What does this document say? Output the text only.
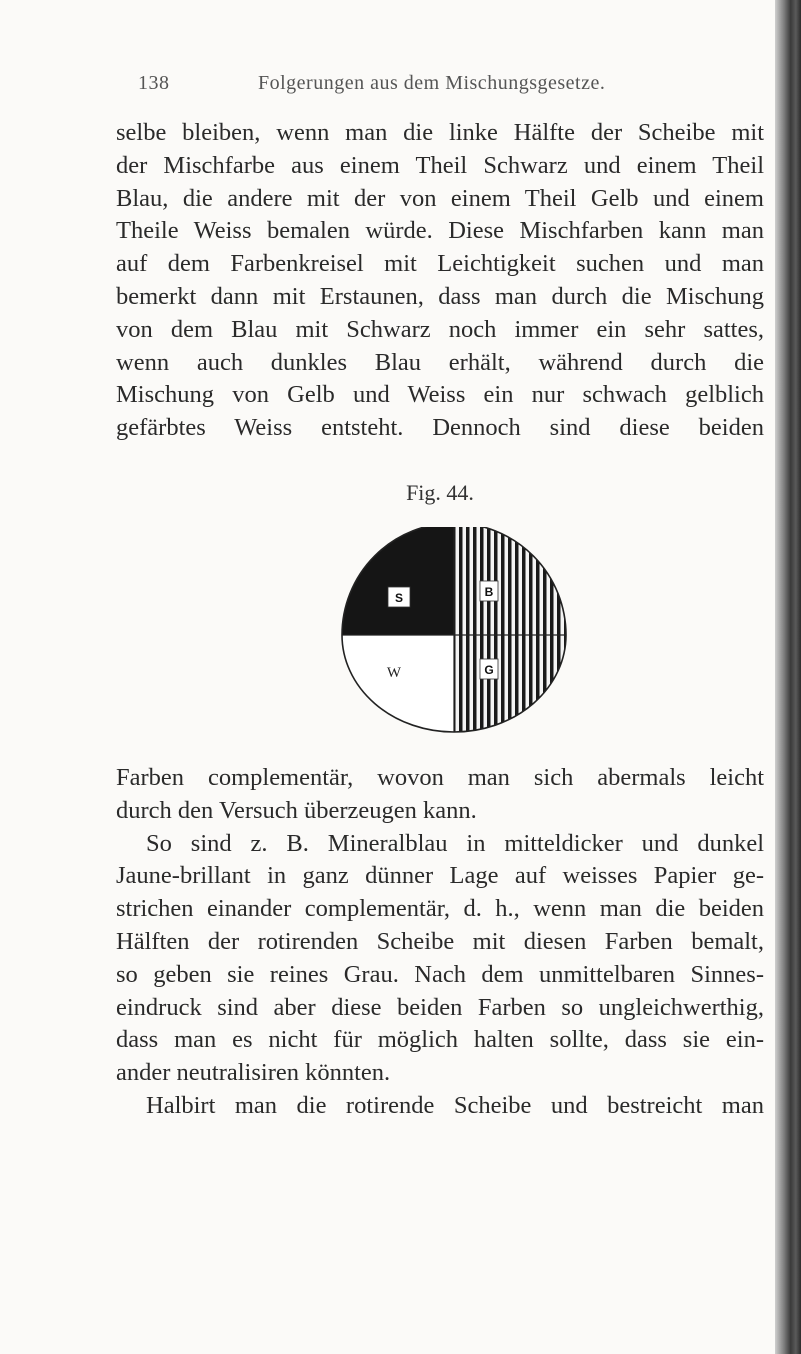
138	Folgerungen aus dem Mischungsgesetze.
selbe bleiben, wenn man die linke Hälfte der Scheibe mit
der Mischfarbe aus einem Theil Schwarz und einem Theil
Blau, die andere mit der von einem Theil Gelb und einem
Theile Weiss bemalen würde. Diese Mischfarben kann man
auf dem Farbenkreisel mit Leichtigkeit suchen und man
bemerkt dann mit Erstaunen, dass man durch die Mischung
von dem Blau mit Schwarz noch immer ein sehr sattes,
wenn auch dunkles Blau erhält, während durch die
Mischung von Gelb und Weiss ein nur schwach gelblich
gefärbtes Weiss entsteht. Dennoch sind diese beiden
Fig. 44.
S	B
W	G
Farben complementär, wovon man sich abermals leicht
durch den Versuch überzeugen kann.
So sind z. B. Mineralblau in mitteldicker und dunkel
Jaune-brillant in ganz dünner Lage auf weisses Papier ge-
strichen einander complementär, d. h., wenn man die beiden
Hälften der rotirenden Scheibe mit diesen Farben bemalt,
so geben sie reines Grau. Nach dem unmittelbaren Sinnes-
eindruck sind aber diese beiden Farben so ungleichwerthig,
dass man es nicht für möglich halten sollte, dass sie ein-
ander neutralisiren könnten.
Halbirt man die rotirende Scheibe und bestreicht man
